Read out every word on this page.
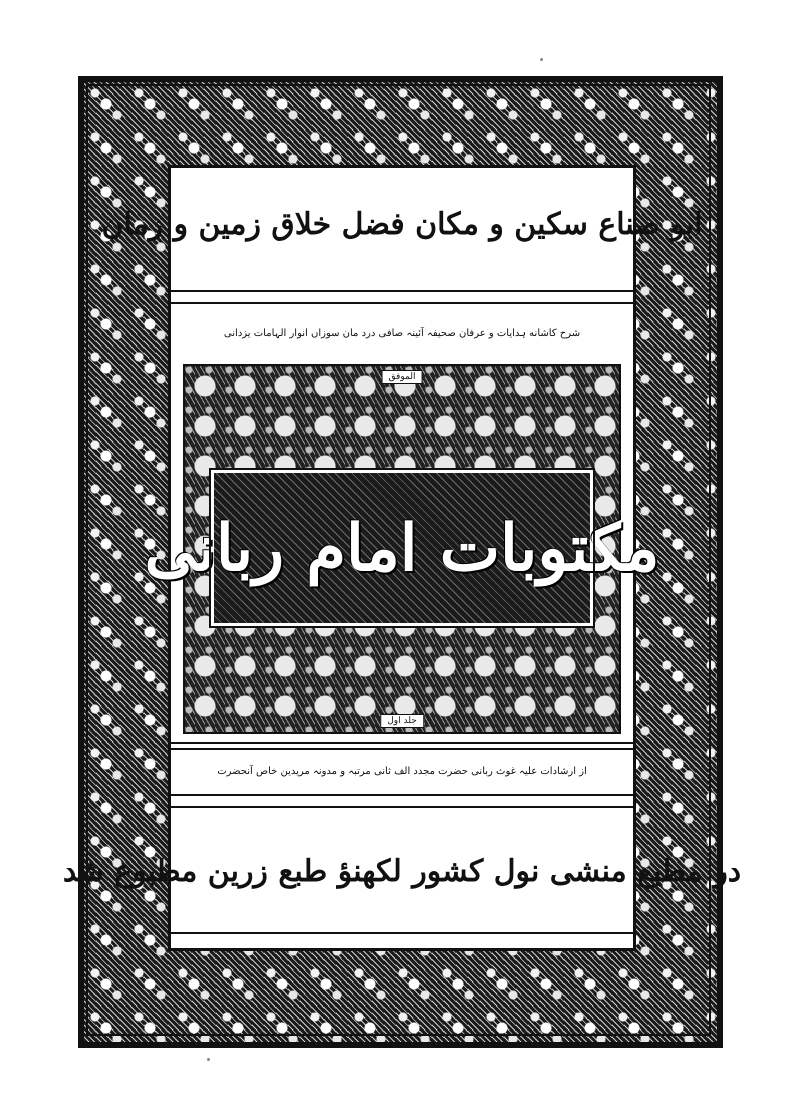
ابو صناع سکین و مکان فضل خلاق زمین و زمان
شرح کاشانه ہدایات و عرفان صحیفہ آئینہ صافی درد مان سوزاں انوار الہامات یزدانی
الموفق
مکتوبات امام ربانی
جلد اول
از ارشادات علیہ غوث ربانی حضرت مجدد الف ثانی مرتبہ و مدونہ مریدین خاص آنحضرت
در مطبع منشی نول کشور لکھنؤ طبع زرین مطبوع شد
